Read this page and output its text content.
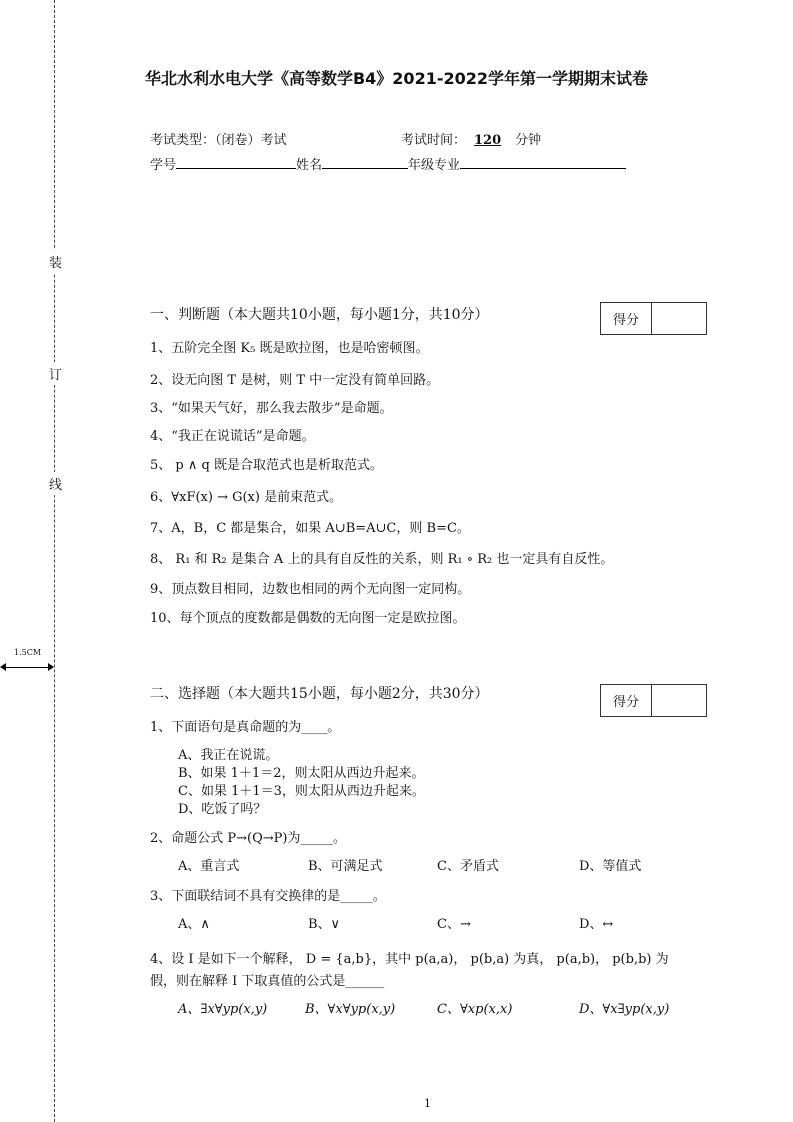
装
订
线
1.5CM
华北水利水电大学《高等数学B4》2021-2022学年第一学期期末试卷
考试类型：（闭卷）考试	考试时间： 120 分钟
学号	姓名	年级专业
一、判断题（本大题共10小题，每小题1分，共10分）	得分
1、五阶完全图 K₅ 既是欧拉图，也是哈密顿图。
2、设无向图 T 是树，则 T 中一定没有简单回路。
3、“如果天气好，那么我去散步”是命题。
4、“我正在说谎话”是命题。
5、 p ∧ q 既是合取范式也是析取范式。
6、∀xF(x) → G(x) 是前束范式。
7、A，B，C 都是集合，如果 A∪B=A∪C，则 B=C。
8、 R₁ 和 R₂ 是集合 A 上的具有自反性的关系，则 R₁ ∘ R₂ 也一定具有自反性。
9、顶点数目相同，边数也相同的两个无向图一定同构。
10、每个顶点的度数都是偶数的无向图一定是欧拉图。
二、选择题（本大题共15小题，每小题2分，共30分）
得分
1、下面语句是真命题的为____。
A、我正在说谎。
B、如果 1＋1＝2，则太阳从西边升起来。
C、如果 1＋1＝3，则太阳从西边升起来。
D、吃饭了吗？
2、命题公式 P→(Q→P)为_____。
A、重言式	B、可满足式	C、矛盾式	D、等值式
3、下面联结词不具有交换律的是_____。
A、∧	B、∨	C、→	D、↔
4、设 I 是如下一个解释， D = {a,b}，其中 p(a,a)， p(b,a) 为真， p(a,b)， p(b,b) 为
假，则在解释 I 下取真值的公式是______
A、∃x∀yp(x,y)	B、∀x∀yp(x,y)	C、∀xp(x,x)	D、∀x∃yp(x,y)
1
